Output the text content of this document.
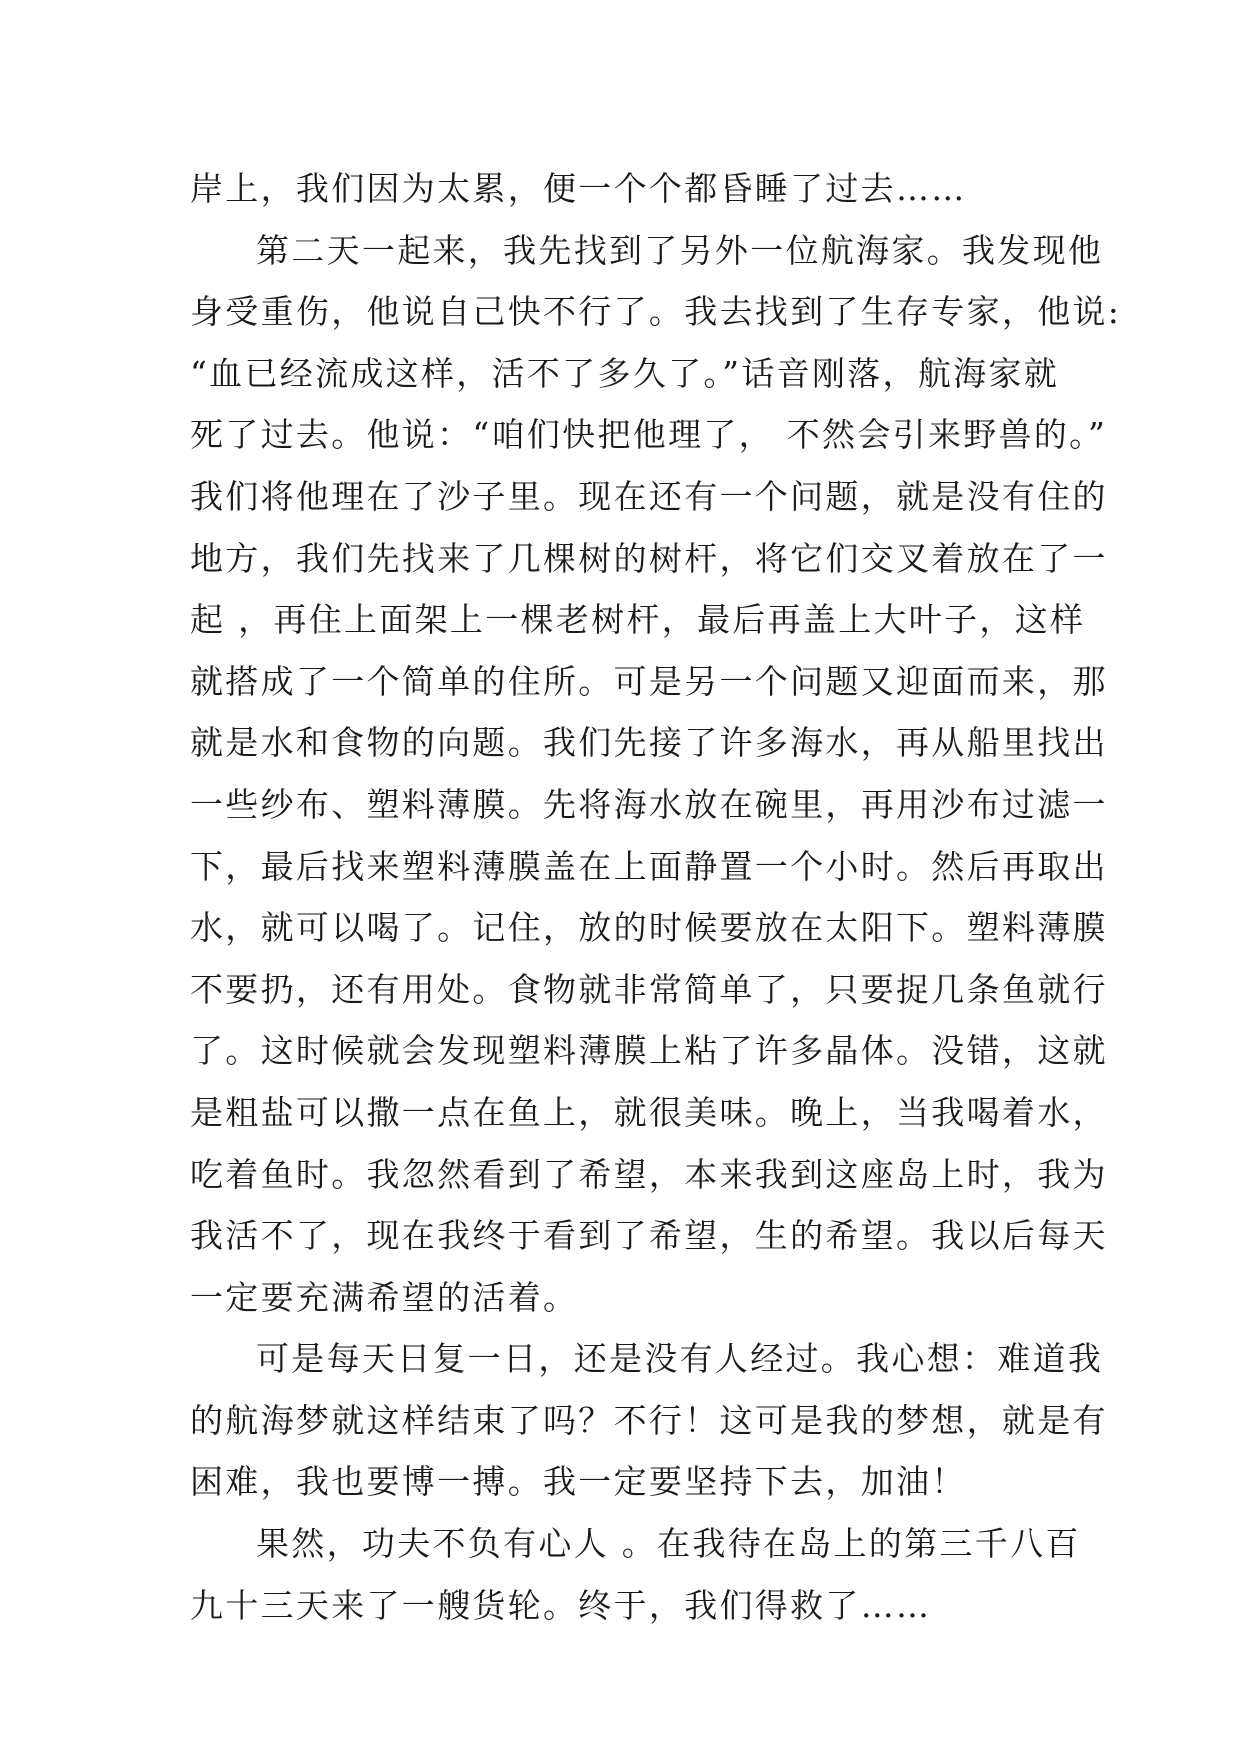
岸上，我们因为太累，便一个个都昏睡了过去……
第二天一起来，我先找到了另外一位航海家。我发现他
身受重伤，他说自己快不行了。我去找到了生存专家，他说:
“血已经流成这样，活不了多久了。”话音刚落，航海家就
死了过去。他说：“咱们快把他理了， 不然会引来野兽的。”
我们将他理在了沙子里。现在还有一个问题，就是没有住的
地方，我们先找来了几棵树的树杆，将它们交叉着放在了一
起 ，再住上面架上一棵老树杆，最后再盖上大叶子，这样
就搭成了一个简单的住所。可是另一个问题又迎面而来，那
就是水和食物的向题。我们先接了许多海水，再从船里找出
一些纱布、塑料薄膜。先将海水放在碗里，再用沙布过滤一
下，最后找来塑料薄膜盖在上面静置一个小时。然后再取出
水，就可以喝了。记住，放的时候要放在太阳下。塑料薄膜
不要扔，还有用处。食物就非常简单了，只要捉几条鱼就行
了。这时候就会发现塑料薄膜上粘了许多晶体。没错，这就
是粗盐可以撒一点在鱼上，就很美味。晚上，当我喝着水，
吃着鱼时。我忽然看到了希望，本来我到这座岛上时，我为
我活不了，现在我终于看到了希望，生的希望。我以后每天
一定要充满希望的活着。
可是每天日复一日，还是没有人经过。我心想：难道我
的航海梦就这样结束了吗？不行！这可是我的梦想，就是有
困难，我也要博一搏。我一定要坚持下去，加油！
果然，功夫不负有心人 。在我待在岛上的第三千八百
九十三天来了一艘货轮。终于，我们得救了……
